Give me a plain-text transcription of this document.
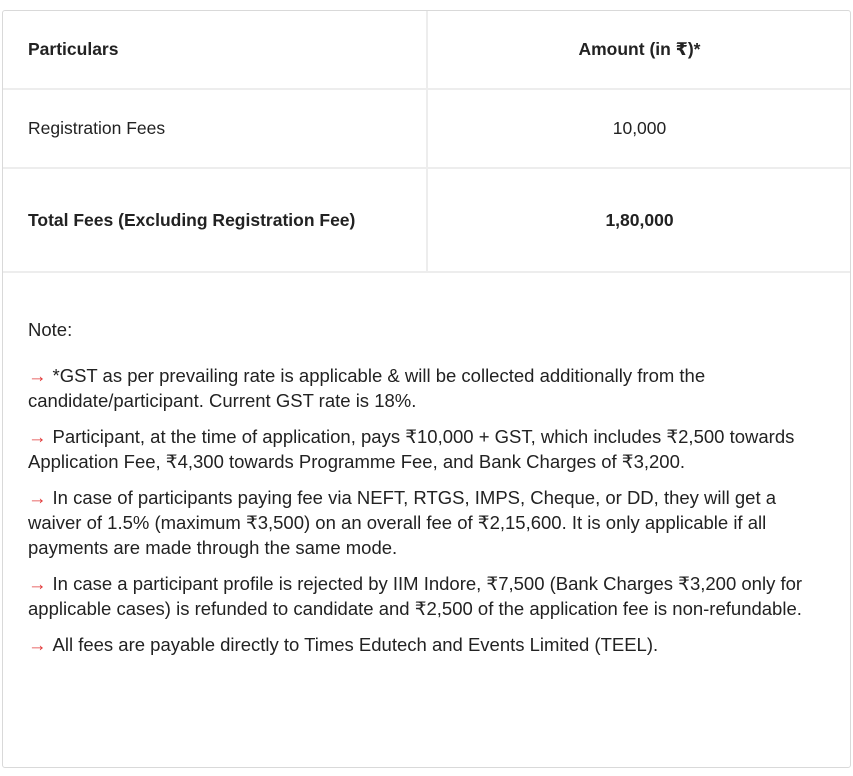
Particulars	Amount (in ₹)*
Registration Fees	10,000
Total Fees (Excluding Registration Fee)	1,80,000
Note:
→ *GST as per prevailing rate is applicable & will be collected additionally from the candidate/participant. Current GST rate is 18%.
→ Participant, at the time of application, pays ₹10,000 + GST, which includes ₹2,500 towards Application Fee, ₹4,300 towards Programme Fee, and Bank Charges of ₹3,200.
→ In case of participants paying fee via NEFT, RTGS, IMPS, Cheque, or DD, they will get a waiver of 1.5% (maximum ₹3,500) on an overall fee of ₹2,15,600. It is only applicable if all payments are made through the same mode.
→ In case a participant profile is rejected by IIM Indore, ₹7,500 (Bank Charges ₹3,200 only for applicable cases) is refunded to candidate and ₹2,500 of the application fee is non-refundable.
→ All fees are payable directly to Times Edutech and Events Limited (TEEL).
